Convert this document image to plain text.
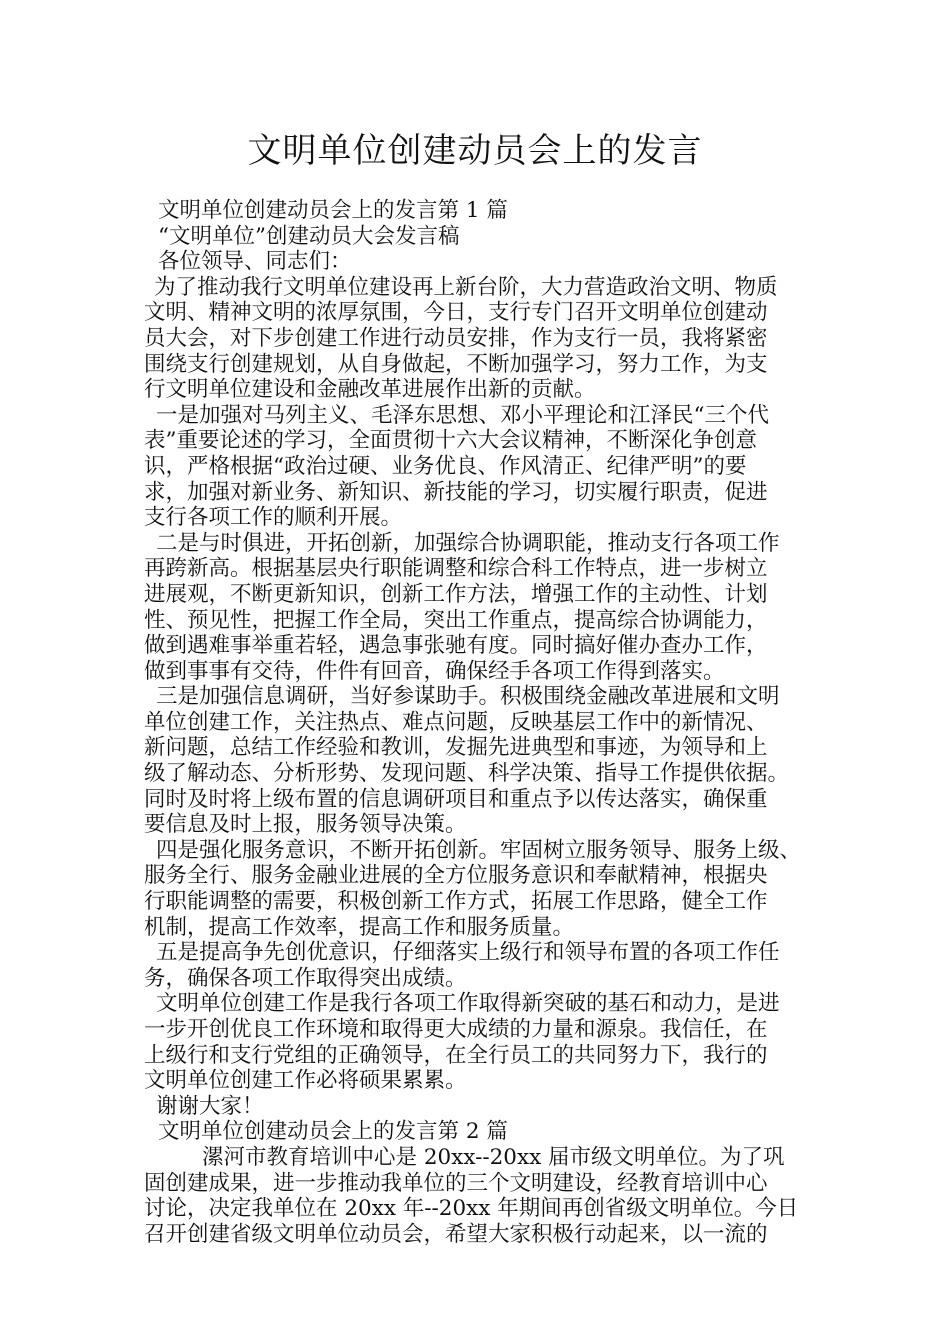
文明单位创建动员会上的发言
文明单位创建动员会上的发言第 1 篇
“文明单位”创建动员大会发言稿
各位领导、同志们：
为了推动我行文明单位建设再上新台阶，大力营造政治文明、物质
文明、精神文明的浓厚氛围，今日，支行专门召开文明单位创建动
员大会，对下步创建工作进行动员安排，作为支行一员，我将紧密
围绕支行创建规划，从自身做起，不断加强学习，努力工作，为支
行文明单位建设和金融改革进展作出新的贡献。
一是加强对马列主义、毛泽东思想、邓小平理论和江泽民“三个代
表”重要论述的学习，全面贯彻十六大会议精神，不断深化争创意
识，严格根据“政治过硬、业务优良、作风清正、纪律严明”的要
求，加强对新业务、新知识、新技能的学习，切实履行职责，促进
支行各项工作的顺利开展。
二是与时俱进，开拓创新，加强综合协调职能，推动支行各项工作
再跨新高。根据基层央行职能调整和综合科工作特点，进一步树立
进展观，不断更新知识，创新工作方法，增强工作的主动性、计划
性、预见性，把握工作全局，突出工作重点，提高综合协调能力，
做到遇难事举重若轻，遇急事张驰有度。同时搞好催办查办工作，
做到事事有交待，件件有回音，确保经手各项工作得到落实。
三是加强信息调研，当好参谋助手。积极围绕金融改革进展和文明
单位创建工作，关注热点、难点问题，反映基层工作中的新情况、
新问题，总结工作经验和教训，发掘先进典型和事迹，为领导和上
级了解动态、分析形势、发现问题、科学决策、指导工作提供依据。
同时及时将上级布置的信息调研项目和重点予以传达落实，确保重
要信息及时上报，服务领导决策。
四是强化服务意识，不断开拓创新。牢固树立服务领导、服务上级、
服务全行、服务金融业进展的全方位服务意识和奉献精神，根据央
行职能调整的需要，积极创新工作方式，拓展工作思路，健全工作
机制，提高工作效率，提高工作和服务质量。
五是提高争先创优意识，仔细落实上级行和领导布置的各项工作任
务，确保各项工作取得突出成绩。
文明单位创建工作是我行各项工作取得新突破的基石和动力，是进
一步开创优良工作环境和取得更大成绩的力量和源泉。我信任，在
上级行和支行党组的正确领导，在全行员工的共同努力下，我行的
文明单位创建工作必将硕果累累。
谢谢大家！
文明单位创建动员会上的发言第 2 篇
漯河市教育培训中心是 20xx--20xx 届市级文明单位。为了巩
固创建成果，进一步推动我单位的三个文明建设，经教育培训中心
讨论，决定我单位在 20xx 年--20xx 年期间再创省级文明单位。今日
召开创建省级文明单位动员会，希望大家积极行动起来，以一流的
